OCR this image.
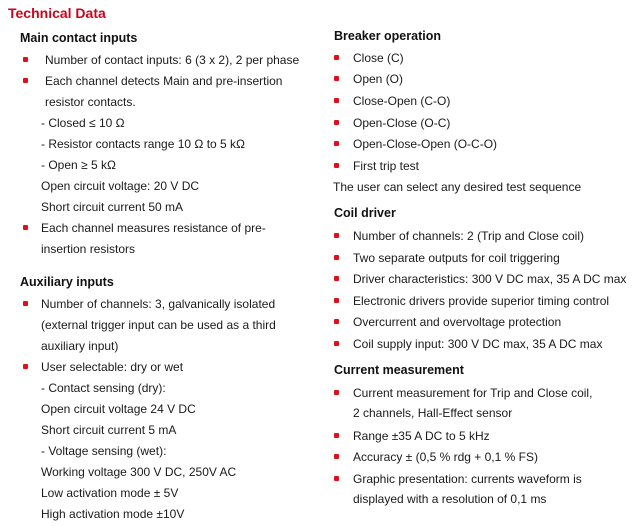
Technical Data
Main contact inputs
Number of contact inputs: 6 (3 x 2), 2 per phase
Each channel detects Main and pre-insertion
resistor contacts.
- Closed ≤ 10 Ω
- Resistor contacts range 10 Ω to 5 kΩ
- Open ≥ 5 kΩ
Open circuit voltage: 20 V DC
Short circuit current 50 mA
Each channel measures resistance of pre-
insertion resistors
Auxiliary inputs
Number of channels: 3, galvanically isolated
(external trigger input can be used as a third
auxiliary input)
User selectable: dry or wet
- Contact sensing (dry):
Open circuit voltage 24 V DC
Short circuit current 5 mA
- Voltage sensing (wet):
Working voltage 300 V DC, 250V AC
Low activation mode ± 5V
High activation mode ±10V
Breaker operation
Close (C)
Open (O)
Close-Open (C-O)
Open-Close (O-C)
Open-Close-Open (O-C-O)
First trip test
The user can select any desired test sequence
Coil driver
Number of channels: 2 (Trip and Close coil)
Two separate outputs for coil triggering
Driver characteristics: 300 V DC max, 35 A DC max
Electronic drivers provide superior timing control
Overcurrent and overvoltage protection
Coil supply input: 300 V DC max, 35 A DC max
Current measurement
Current measurement for Trip and Close coil,
2 channels, Hall-Effect sensor
Range ±35 A DC to 5 kHz
Accuracy ± (0,5 % rdg + 0,1 % FS)
Graphic presentation: currents waveform is
displayed with a resolution of 0,1 ms
